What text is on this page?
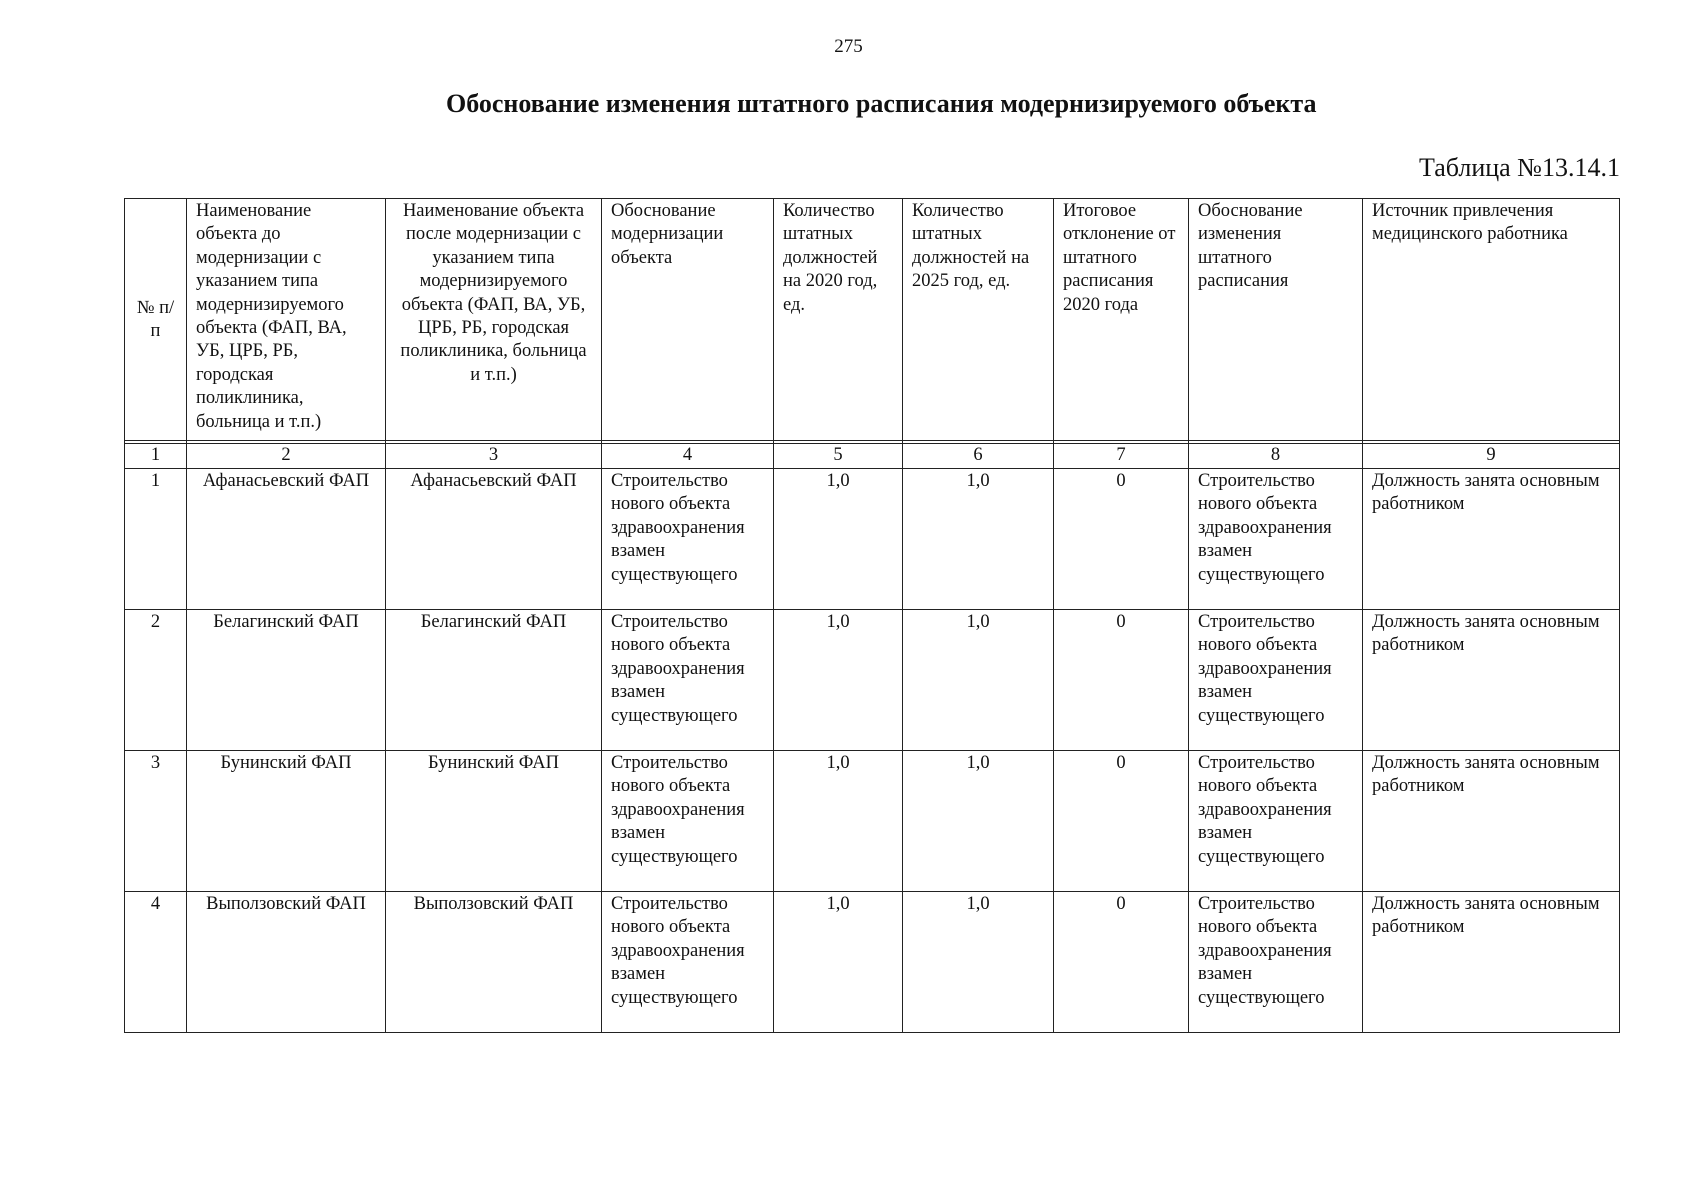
275
Обоснование изменения штатного расписания модернизируемого объекта
Таблица №13.14.1
№ п/п	Наименование объекта до модернизации с указанием типа модернизируемого объекта (ФАП, ВА, УБ, ЦРБ, РБ, городская поликлиника, больница и т.п.)	Наименование объекта после модернизации с указанием типа модернизируемого объекта (ФАП, ВА, УБ, ЦРБ, РБ, городская поликлиника, больница и т.п.)	Обоснование модернизации объекта	Количество штатных должностей на 2020 год, ед.	Количество штатных должностей на 2025 год, ед.	Итоговое отклонение от штатного расписания 2020 года	Обоснование изменения штатного расписания	Источник привлечения медицинского работника

1	2	3	4	5	6	7	8	9
1	Афанасьевский ФАП	Афанасьевский ФАП	Строительство нового объекта здравоохранения взамен существующего	1,0	1,0	0	Строительство нового объекта здравоохранения взамен существующего	Должность занята основным работником
2	Белагинский ФАП	Белагинский ФАП	Строительство нового объекта здравоохранения взамен существующего	1,0	1,0	0	Строительство нового объекта здравоохранения взамен существующего	Должность занята основным работником
3	Бунинский ФАП	Бунинский ФАП	Строительство нового объекта здравоохранения взамен существующего	1,0	1,0	0	Строительство нового объекта здравоохранения взамен существующего	Должность занята основным работником
4	Выползовский ФАП	Выползовский ФАП	Строительство нового объекта здравоохранения взамен существующего	1,0	1,0	0	Строительство нового объекта здравоохранения взамен существующего	Должность занята основным работником
